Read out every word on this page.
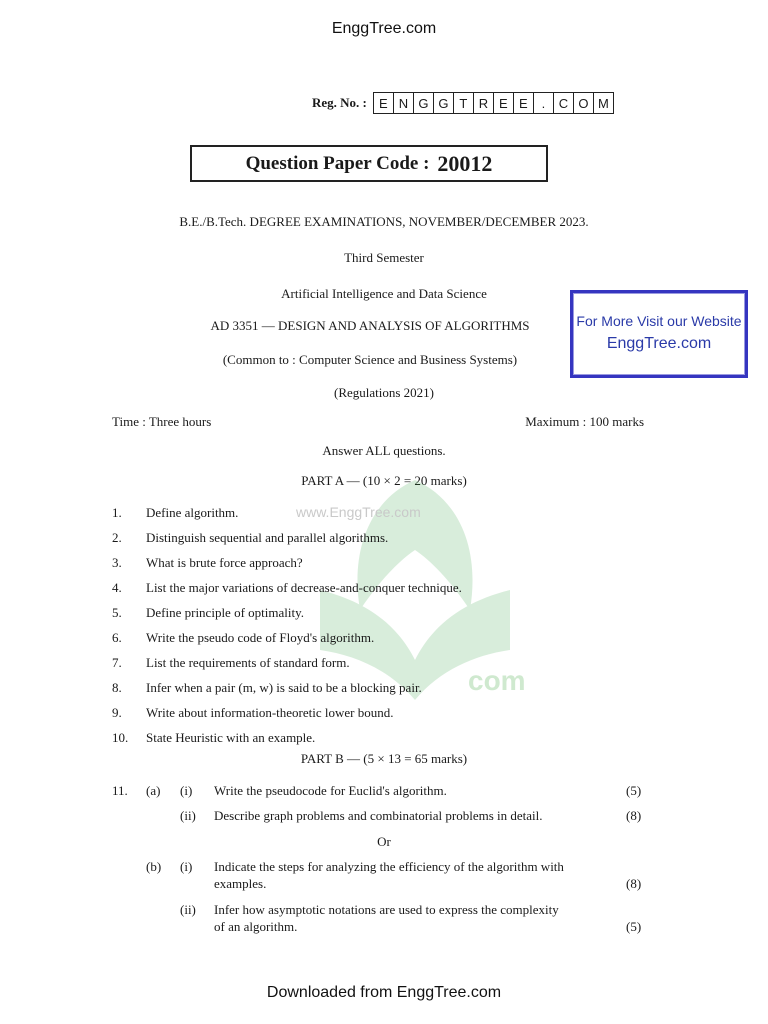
EnggTree.com
Reg. No. : E N G G T R E E	.	C O M
Question Paper Code : 20012
B.E./B.Tech. DEGREE EXAMINATIONS, NOVEMBER/DECEMBER 2023.
Third Semester
Artificial Intelligence and Data Science
AD 3351 — DESIGN AND ANALYSIS OF ALGORITHMS
(Common to : Computer Science and Business Systems)
(Regulations 2021)
For More Visit our Website
EnggTree.com
Time : Three hours	Maximum : 100 marks
Answer ALL questions.
PART A — (10 × 2 = 20 marks)
www.EnggTree.com
com
1.	Define algorithm.
2.	Distinguish sequential and parallel algorithms.
3.	What is brute force approach?
4.	List the major variations of decrease-and-conquer technique.
5.	Define principle of optimality.
6.	Write the pseudo code of Floyd's algorithm.
7.	List the requirements of standard form.
8.	Infer when a pair (m, w) is said to be a blocking pair.
9.	Write about information-theoretic lower bound.
10.	State Heuristic with an example.
PART B — (5 × 13 = 65 marks)
11. (a) (i) Write the pseudocode for Euclid's algorithm.	(5)
(ii) Describe graph problems and combinatorial problems in detail.	(8)
Or
(b) (i) Indicate the steps for analyzing the efficiency of the algorithm with
examples.	(8)
(ii) Infer how asymptotic notations are used to express the complexity
of an algorithm.	(5)
Downloaded from EnggTree.com
